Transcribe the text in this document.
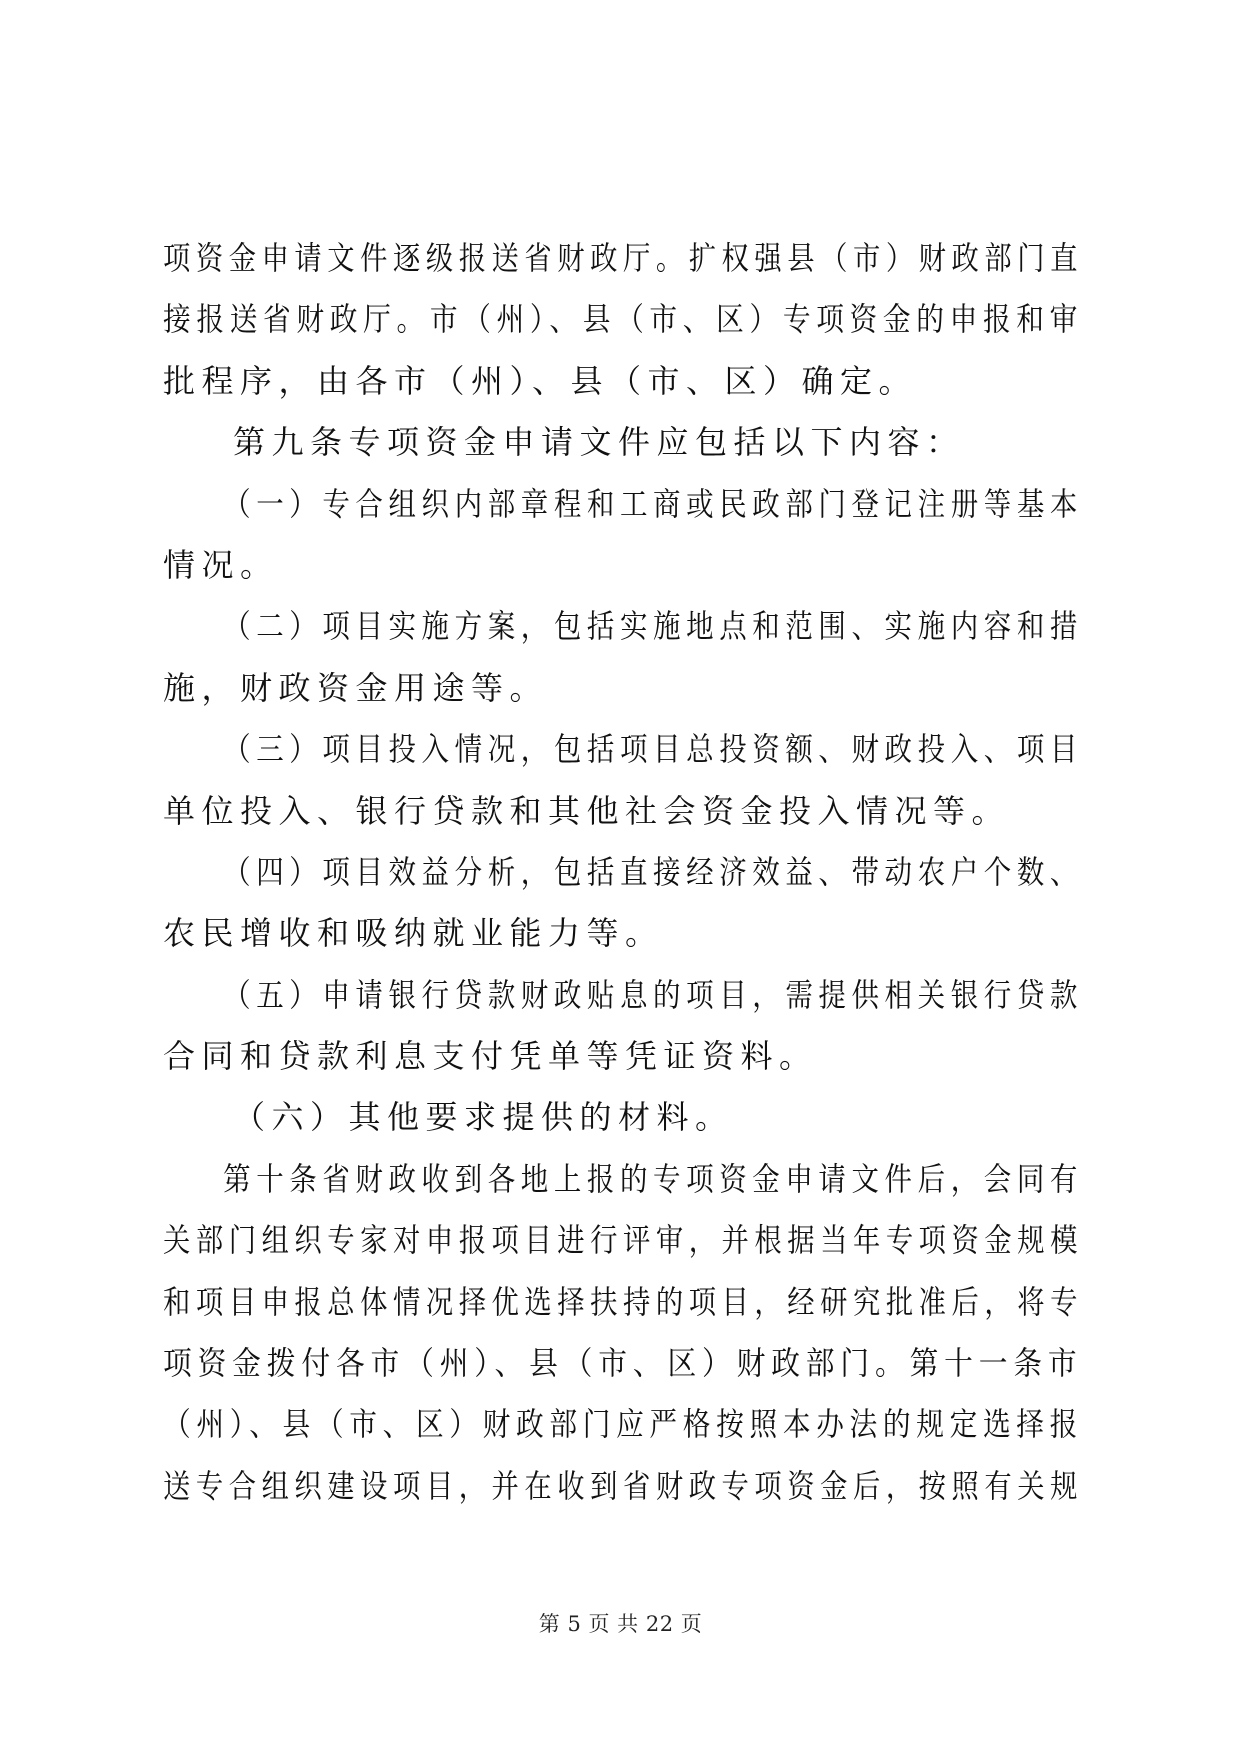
项资金申请文件逐级报送省财政厅。扩权强县（市）财政部门直
接报送省财政厅。市（州）、县（市、区）专项资金的申报和审
批程序，由各市（州）、县（市、区）确定。
第九条专项资金申请文件应包括以下内容：
（一）专合组织内部章程和工商或民政部门登记注册等基本
情况。
（二）项目实施方案，包括实施地点和范围、实施内容和措
施，财政资金用途等。
（三）项目投入情况，包括项目总投资额、财政投入、项目
单位投入、银行贷款和其他社会资金投入情况等。
（四）项目效益分析，包括直接经济效益、带动农户个数、
农民增收和吸纳就业能力等。
（五）申请银行贷款财政贴息的项目，需提供相关银行贷款
合同和贷款利息支付凭单等凭证资料。
（六）其他要求提供的材料。
第十条省财政收到各地上报的专项资金申请文件后，会同有
关部门组织专家对申报项目进行评审，并根据当年专项资金规模
和项目申报总体情况择优选择扶持的项目，经研究批准后，将专
项资金拨付各市（州）、县（市、区）财政部门。第十一条市
（州）、县（市、区）财政部门应严格按照本办法的规定选择报
送专合组织建设项目，并在收到省财政专项资金后，按照有关规
第 5 页 共 22 页
